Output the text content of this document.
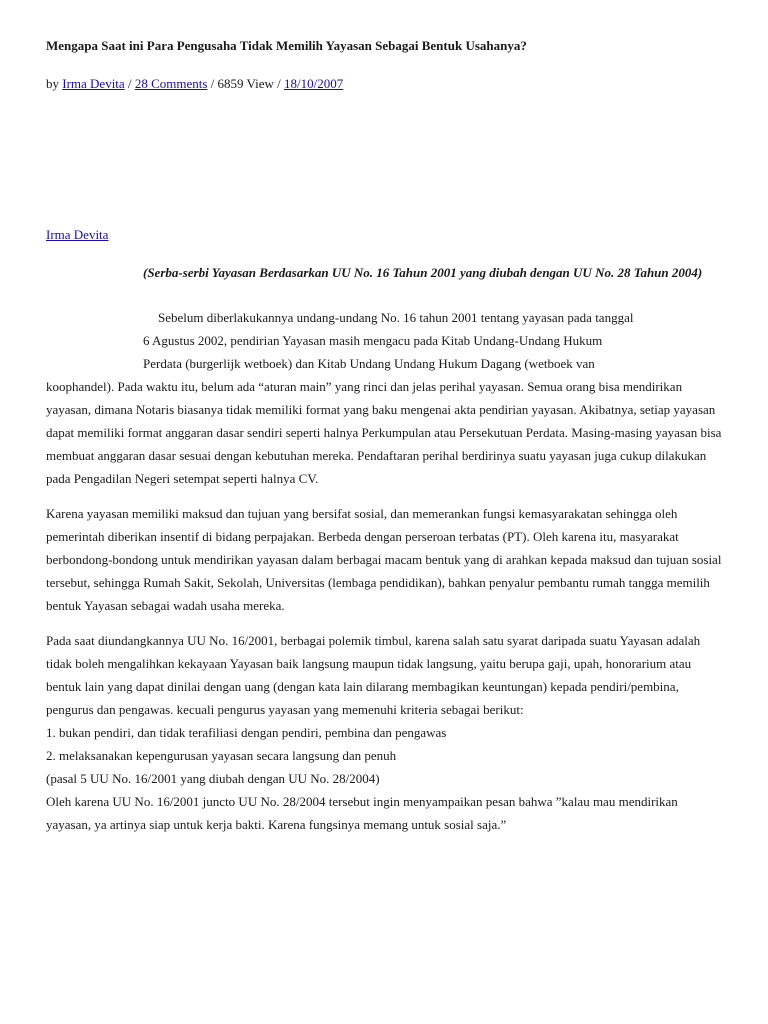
Mengapa Saat ini Para Pengusaha Tidak Memilih Yayasan Sebagai Bentuk Usahanya?
by Irma Devita / 28 Comments / 6859 View / 18/10/2007
Irma Devita
(Serba-serbi Yayasan Berdasarkan UU No. 16 Tahun 2001 yang diubah dengan UU No. 28 Tahun 2004)

Sebelum diberlakukannya undang-undang No. 16 tahun 2001 tentang yayasan pada tanggal
6 Agustus 2002, pendirian Yayasan masih mengacu pada Kitab Undang-Undang Hukum
Perdata (burgerlijk wetboek) dan Kitab Undang Undang Hukum Dagang (wetboek van
koophandel). Pada waktu itu, belum ada “aturan main” yang rinci dan jelas perihal yayasan. Semua orang bisa mendirikan yayasan, dimana Notaris biasanya tidak memiliki format yang baku mengenai akta pendirian yayasan. Akibatnya, setiap yayasan dapat memiliki format anggaran dasar sendiri seperti halnya Perkumpulan atau Persekutuan Perdata. Masing-masing yayasan bisa membuat anggaran dasar sesuai dengan kebutuhan mereka. Pendaftaran perihal berdirinya suatu yayasan juga cukup dilakukan pada Pengadilan Negeri setempat seperti halnya CV.

Karena yayasan memiliki maksud dan tujuan yang bersifat sosial, dan memerankan fungsi kemasyarakatan sehingga oleh pemerintah diberikan insentif di bidang perpajakan. Berbeda dengan perseroan terbatas (PT). Oleh karena itu, masyarakat berbondong-bondong untuk mendirikan yayasan dalam berbagai macam bentuk yang di arahkan kepada maksud dan tujuan sosial tersebut, sehingga Rumah Sakit, Sekolah, Universitas (lembaga pendidikan), bahkan penyalur pembantu rumah tangga memilih bentuk Yayasan sebagai wadah usaha mereka.

Pada saat diundangkannya UU No. 16/2001, berbagai polemik timbul, karena salah satu syarat daripada suatu Yayasan adalah tidak boleh mengalihkan kekayaan Yayasan baik langsung maupun tidak langsung, yaitu berupa gaji, upah, honorarium atau bentuk lain yang dapat dinilai dengan uang (dengan kata lain dilarang membagikan keuntungan) kepada pendiri/pembina, pengurus dan pengawas. kecuali pengurus yayasan yang memenuhi kriteria sebagai berikut:
1. bukan pendiri, dan tidak terafiliasi dengan pendiri, pembina dan pengawas
2. melaksanakan kepengurusan yayasan secara langsung dan penuh
(pasal 5 UU No. 16/2001 yang diubah dengan UU No. 28/2004)
Oleh karena UU No. 16/2001 juncto UU No. 28/2004 tersebut ingin menyampaikan pesan bahwa ”kalau mau mendirikan yayasan, ya artinya siap untuk kerja bakti. Karena fungsinya memang untuk sosial saja.”
